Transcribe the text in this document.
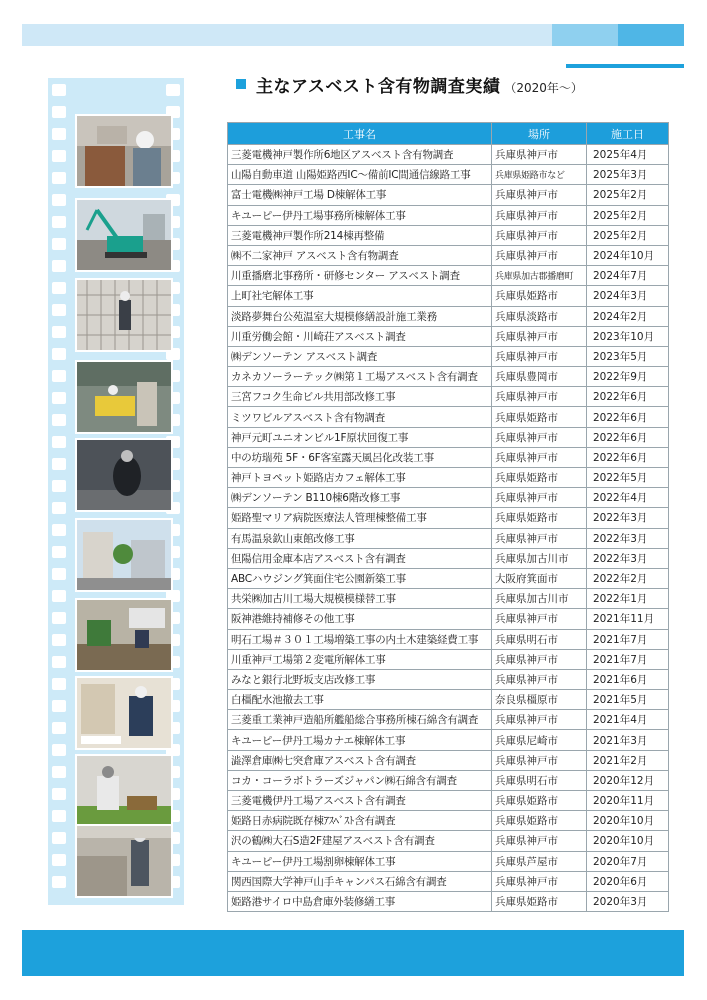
主なアスベスト含有物調査実績 （2020年～）
工事名	場所	施工日
三菱電機神戸製作所6地区アスベスト含有物調査	兵庫県神戸市	2025年4月
山陽自動車道 山陽姫路西IC～備前IC間通信線路工事	兵庫県姫路市など	2025年3月
富士電機㈱神戸工場 D棟解体工事	兵庫県神戸市	2025年2月
キユーピー伊丹工場事務所棟解体工事	兵庫県神戸市	2025年2月
三菱電機神戸製作所214棟再整備	兵庫県神戸市	2025年2月
㈱不二家神戸 アスベスト含有物調査	兵庫県神戸市	2024年10月
川重播磨北事務所・研修センター アスベスト調査	兵庫県加古郡播磨町	2024年7月
上町社宅解体工事	兵庫県姫路市	2024年3月
淡路夢舞台公苑温室大規模修繕設計施工業務	兵庫県淡路市	2024年2月
川重労働会館・川崎荘アスベスト調査	兵庫県神戸市	2023年10月
㈱デンソーテン アスベスト調査	兵庫県神戸市	2023年5月
カネカソーラーテック㈱第１工場アスベスト含有調査	兵庫県豊岡市	2022年9月
三宮フコク生命ビル共用部改修工事	兵庫県神戸市	2022年6月
ミツワビルアスベスト含有物調査	兵庫県姫路市	2022年6月
神戸元町ユニオンビル1F原状回復工事	兵庫県神戸市	2022年6月
中の坊瑞苑 5F・6F客室露天風呂化改装工事	兵庫県神戸市	2022年6月
神戸トヨペット姫路店カフェ解体工事	兵庫県姫路市	2022年5月
㈱デンソーテン B110棟6階改修工事	兵庫県神戸市	2022年4月
姫路聖マリア病院医療法人管理棟整備工事	兵庫県姫路市	2022年3月
有馬温泉欽山東館改修工事	兵庫県神戸市	2022年3月
但陽信用金庫本店アスベスト含有調査	兵庫県加古川市	2022年3月
ABCハウジング箕面住宅公園新築工事	大阪府箕面市	2022年2月
共栄㈱加古川工場大規模模様替工事	兵庫県加古川市	2022年1月
阪神港維持補修その他工事	兵庫県神戸市	2021年11月
明石工場＃３０１工場増築工事の内土木建築経費工事	兵庫県明石市	2021年7月
川重神戸工場第２変電所解体工事	兵庫県神戸市	2021年7月
みなと銀行北野坂支店改修工事	兵庫県神戸市	2021年6月
白橿配水池撤去工事	奈良県橿原市	2021年5月
三菱重工業神戸造船所艦船総合事務所棟石綿含有調査	兵庫県神戸市	2021年4月
キユーピー伊丹工場カナエ棟解体工事	兵庫県尼崎市	2021年3月
澁澤倉庫㈱七突倉庫アスベスト含有調査	兵庫県神戸市	2021年2月
コカ・コーラボトラーズジャパン㈱石綿含有調査	兵庫県明石市	2020年12月
三菱電機伊丹工場アスベスト含有調査	兵庫県姫路市	2020年11月
姫路日赤病院既存棟ｱｽﾍﾞｽﾄ含有調査	兵庫県姫路市	2020年10月
沢の鶴㈱大石S造2F建屋アスベスト含有調査	兵庫県神戸市	2020年10月
キユーピー伊丹工場割卵棟解体工事	兵庫県芦屋市	2020年7月
関西国際大学神戸山手キャンパス石綿含有調査	兵庫県神戸市	2020年6月
姫路港サイロ中島倉庫外装修繕工事	兵庫県姫路市	2020年3月
